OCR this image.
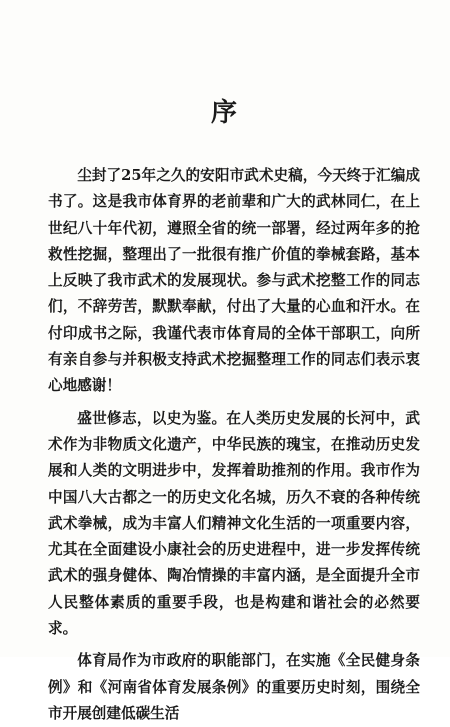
序

尘封了25年之久的安阳市武术史稿，今天终于汇编成书了。这是我市体育界的老前辈和广大的武林同仁，在上世纪八十年代初，遵照全省的统一部署，经过两年多的抢救性挖掘，整理出了一批很有推广价值的拳械套路，基本上反映了我市武术的发展现状。参与武术挖整工作的同志们，不辞劳苦，默默奉献，付出了大量的心血和汗水。在付印成书之际，我谨代表市体育局的全体干部职工，向所有亲自参与并积极支持武术挖掘整理工作的同志们表示衷心地感谢！

盛世修志，以史为鉴。在人类历史发展的长河中，武术作为非物质文化遗产，中华民族的瑰宝，在推动历史发展和人类的文明进步中，发挥着助推剂的作用。我市作为中国八大古都之一的历史文化名城，历久不衰的各种传统武术拳械，成为丰富人们精神文化生活的一项重要内容，尤其在全面建设小康社会的历史进程中，进一步发挥传统武术的强身健体、陶冶情操的丰富内涵，是全面提升全市人民整体素质的重要手段，也是构建和谐社会的必然要求。

体育局作为市政府的职能部门，在实施《全民健身条例》和《河南省体育发展条例》的重要历史时刻，围绕全市开展创建低碳生活
